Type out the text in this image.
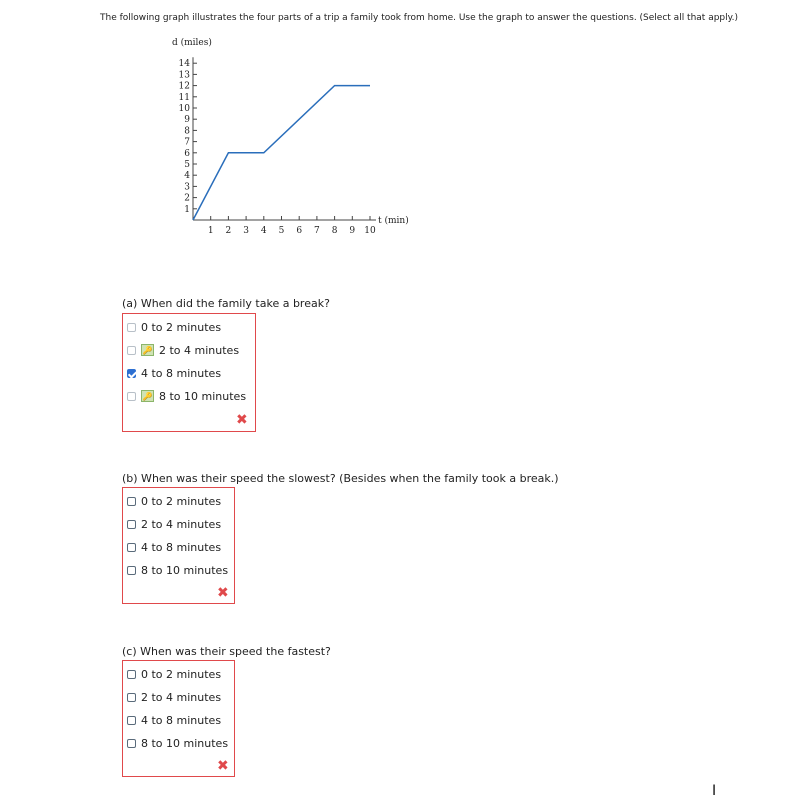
The following graph illustrates the four parts of a trip a family took from home. Use the graph to answer the questions. (Select all that apply.)
1
2
3
4
5
6
7
8
9
10
11
12
13
14
1 2 3 4 5 6 7 8 9 10
d (miles)
t (min)
(a) When did the family take a break?
0 to 2 minutes
🔑 2 to 4 minutes
4 to 8 minutes
🔑 8 to 10 minutes
✖
(b) When was their speed the slowest? (Besides when the family took a break.)
0 to 2 minutes
2 to 4 minutes
4 to 8 minutes
8 to 10 minutes
✖
(c) When was their speed the fastest?
0 to 2 minutes
2 to 4 minutes
4 to 8 minutes
8 to 10 minutes
✖
I
